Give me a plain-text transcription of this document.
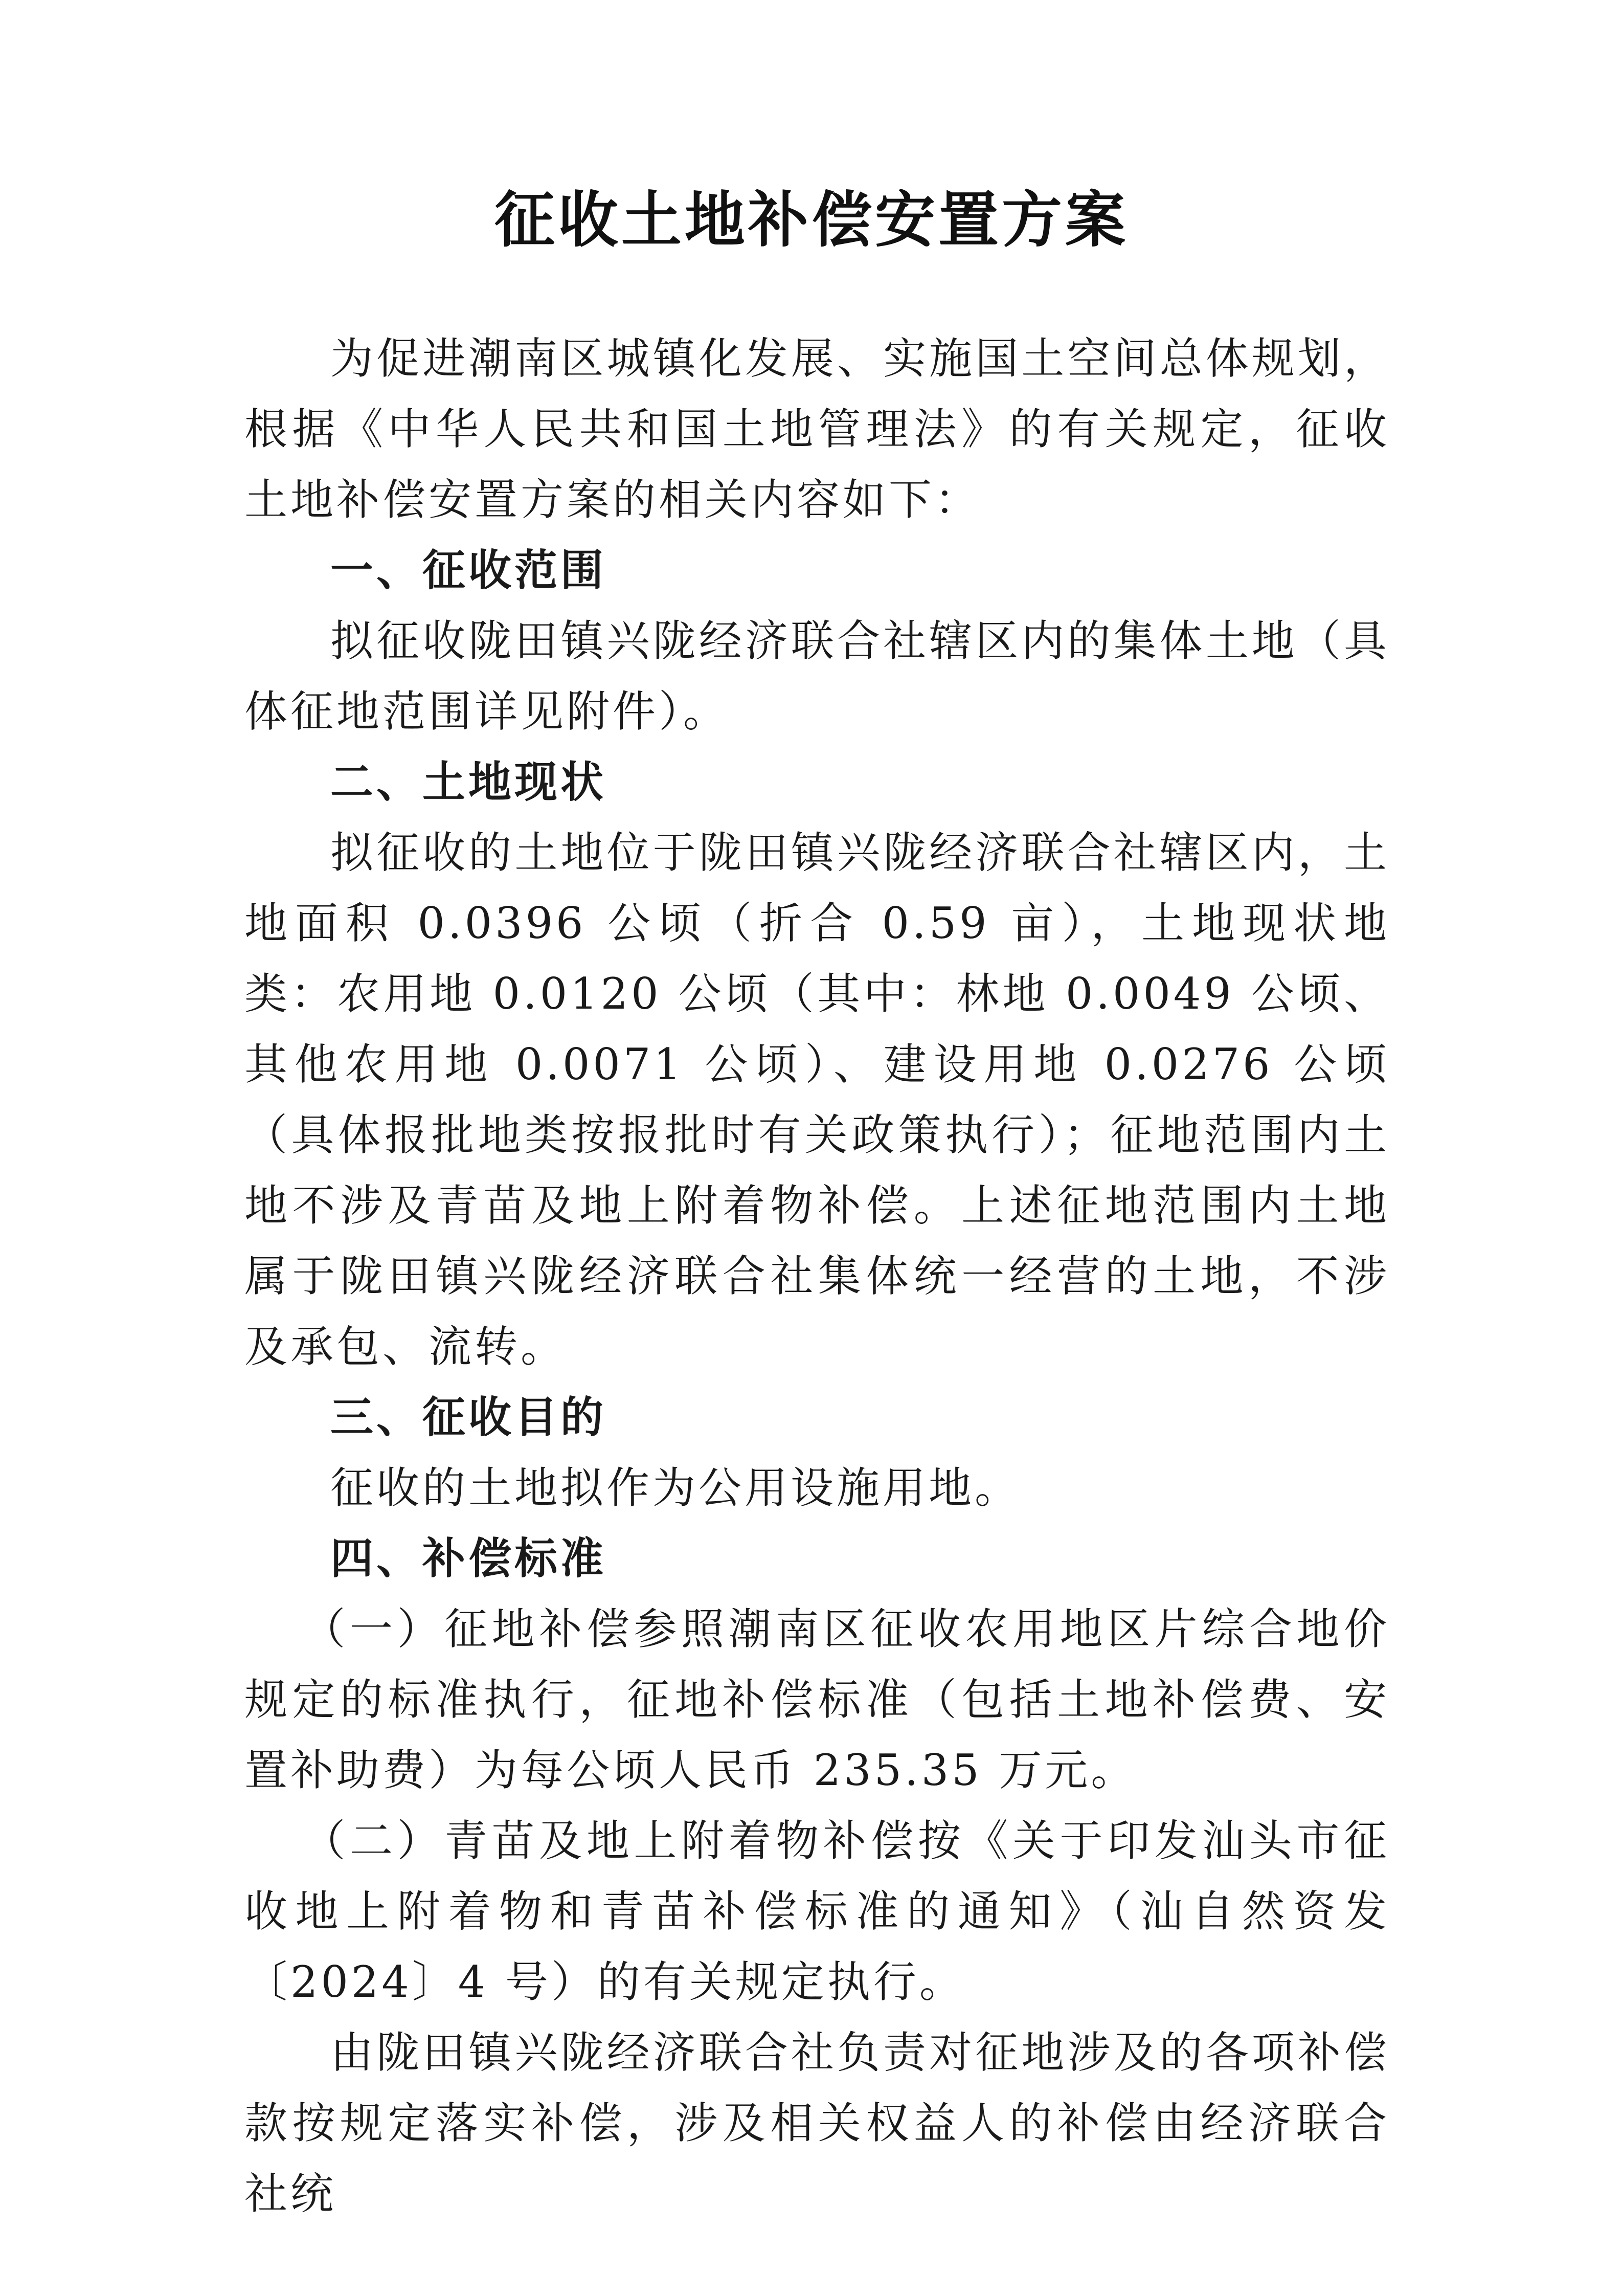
征收土地补偿安置方案

为促进潮南区城镇化发展、实施国土空间总体规划，根据《中华人民共和国土地管理法》的有关规定，征收土地补偿安置方案的相关内容如下：

一、征收范围

拟征收陇田镇兴陇经济联合社辖区内的集体土地（具体征地范围详见附件）。

二、土地现状

拟征收的土地位于陇田镇兴陇经济联合社辖区内，土地面积 0.0396 公顷（折合 0.59 亩），土地现状地类：农用地 0.0120 公顷（其中：林地 0.0049 公顷、其他农用地 0.0071 公顷）、建设用地 0.0276 公顷（具体报批地类按报批时有关政策执行）；征地范围内土地不涉及青苗及地上附着物补偿。上述征地范围内土地属于陇田镇兴陇经济联合社集体统一经营的土地，不涉及承包、流转。

三、征收目的

征收的土地拟作为公用设施用地。

四、补偿标准

（一）征地补偿参照潮南区征收农用地区片综合地价规定的标准执行，征地补偿标准（包括土地补偿费、安置补助费）为每公顷人民币 235.35 万元。

（二）青苗及地上附着物补偿按《关于印发汕头市征收地上附着物和青苗补偿标准的通知》（汕自然资发〔2024〕4 号）的有关规定执行。

由陇田镇兴陇经济联合社负责对征地涉及的各项补偿款按规定落实补偿，涉及相关权益人的补偿由经济联合社统
